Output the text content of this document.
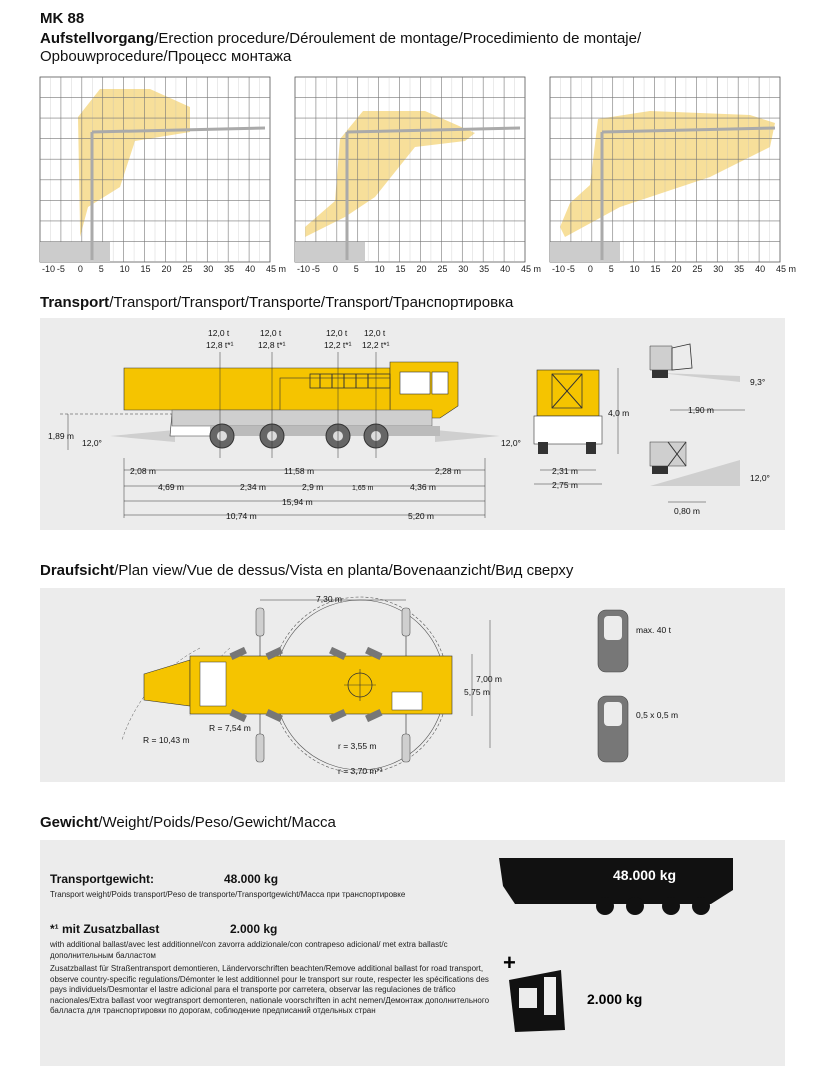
MK 88
Aufstellvorgang/Erection procedure/Déroulement de montage/Procedimiento de montaje/
Opbouwprocedure/Процесс монтажа
-10 -5 0 5 10 15 20 25 30 35 40 45 m -10 -5 0 5 10 15 20 25 30 35 40 45 m -10 -5 0 5 10 15 20 25 30 35 40 45 m
Transport/Transport/Transport/Transporte/Transport/Транспортировка
12,0 t
12,8 t*¹
12,0 t
12,8 t*¹
12,0 t
12,2 t*¹
12,0 t
12,2 t*¹
1,89 m
12,0°	12,0°
2,08 m	11,58 m	2,28 m
4,69 m	2,34 m	2,9 m	1,65 m	4,36 m
15,94 m
10,74 m	5,20 m
4,0 m
2,31 m
2,75 m
1,90 m
9,3°
0,80 m
12,0°
Draufsicht/Plan view/Vue de dessus/Vista en planta/Bovenaanzicht/Вид сверху
7,30 m
7,00 m
5,75 m
R = 10,43 m
R = 7,54 m
r = 3,55 m
r = 3,70 m*¹
max. 40 t
0,5 x 0,5 m
Gewicht/Weight/Poids/Peso/Gewicht/Масса
Transportgewicht:	48.000 kg
Transport weight/Poids transport/Peso de transporte/Transportgewicht/Масса при транспортировке
*¹ mit Zusatzballast	2.000 kg
with additional ballast/avec lest additionnel/con zavorra addizionale/con contrapeso adicional/ met extra ballast/с дополнительным балластом
Zusatzballast für Straßentransport demontieren, Ländervorschriften beachten/Remove additional ballast for road transport, observe country-specific regulations/Démonter le lest additionnel pour le transport sur route, respecter les spécifications des pays individuels/Desmontar el lastre adicional para el transporte por carretera, observar las regulaciones de tráfico nacionales/Extra ballast voor wegtransport demonteren, nationale voorschriften in acht nemen/Демонтаж дополнительного балласта для транспортировки по дорогам, соблюдение предписаний отдельных стран
48.000 kg
+
2.000 kg
